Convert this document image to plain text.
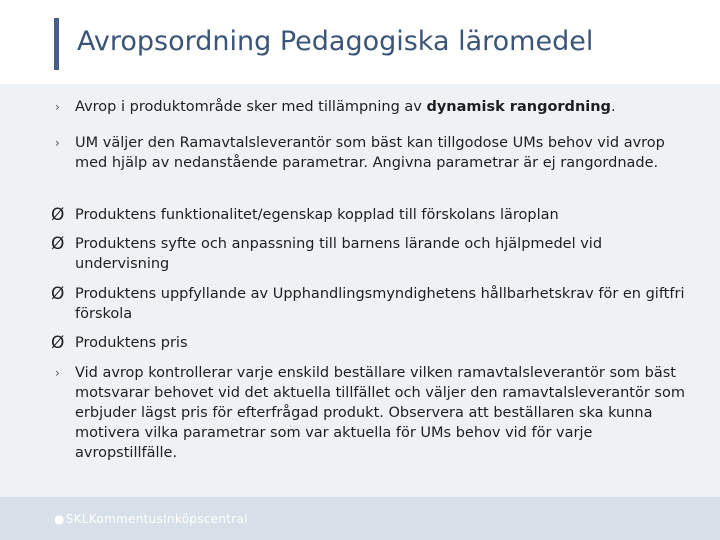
Avropsordning Pedagogiska läromedel
› Avrop i produktområde sker med tillämpning av dynamisk rangordning.
› UM väljer den Ramavtalsleverantör som bäst kan tillgodose UMs behov vid avrop med hjälp av nedanstående parametrar. Angivna parametrar är ej rangordnade.
Ø Produktens funktionalitet/egenskap kopplad till förskolans läroplan
Ø Produktens syfte och anpassning till barnens lärande och hjälpmedel vid undervisning
Ø Produktens uppfyllande av Upphandlingsmyndighetens hållbarhetskrav för en giftfri förskola
Ø Produktens pris
› Vid avrop kontrollerar varje enskild beställare vilken ramavtalsleverantör som bäst motsvarar behovet vid det aktuella tillfället och väljer den ramavtalsleverantör som erbjuder lägst pris för efterfrågad produkt. Observera att beställaren ska kunna motivera vilka parametrar som var aktuella för UMs behov vid för varje avropstillfälle.
●SKLKommentusInköpscentral
